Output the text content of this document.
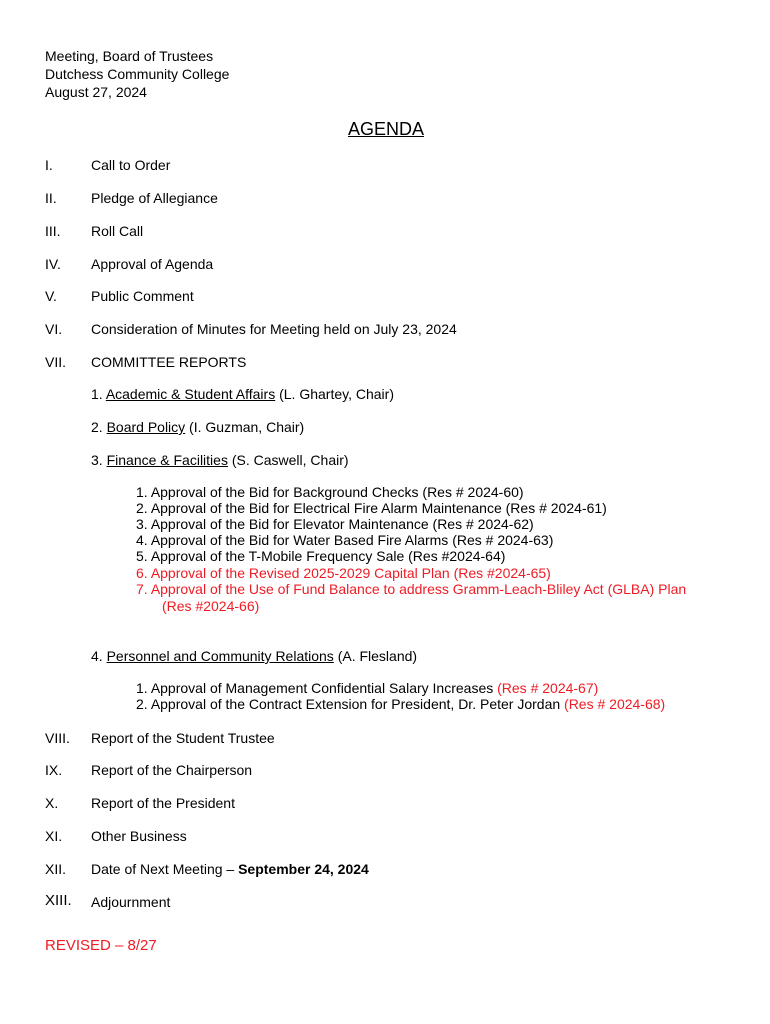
Meeting, Board of Trustees
Dutchess Community College
August 27, 2024
AGENDA
I.	Call to Order
II. Pledge of Allegiance
III. Roll Call
IV. Approval of Agenda
V. Public Comment
VI. Consideration of Minutes for Meeting held on July 23, 2024
VII. COMMITTEE REPORTS
1. Academic & Student Affairs (L. Ghartey, Chair)
2. Board Policy (I. Guzman, Chair)
3. Finance & Facilities (S. Caswell, Chair)
1. Approval of the Bid for Background Checks (Res # 2024-60)
2. Approval of the Bid for Electrical Fire Alarm Maintenance (Res # 2024-61)
3. Approval of the Bid for Elevator Maintenance (Res # 2024-62)
4. Approval of the Bid for Water Based Fire Alarms (Res # 2024-63)
5. Approval of the T-Mobile Frequency Sale (Res #2024-64)
6. Approval of the Revised 2025-2029 Capital Plan (Res #2024-65)
7. Approval of the Use of Fund Balance to address Gramm-Leach-Bliley Act (GLBA) Plan
(Res #2024-66)
4. Personnel and Community Relations (A. Flesland)
1. Approval of Management Confidential Salary Increases (Res # 2024-67)
2. Approval of the Contract Extension for President, Dr. Peter Jordan (Res # 2024-68)
VIII. Report of the Student Trustee
IX. Report of the Chairperson
X. Report of the President
XI. Other Business
XII. Date of Next Meeting – September 24, 2024
XIII. Adjournment
REVISED – 8/27
